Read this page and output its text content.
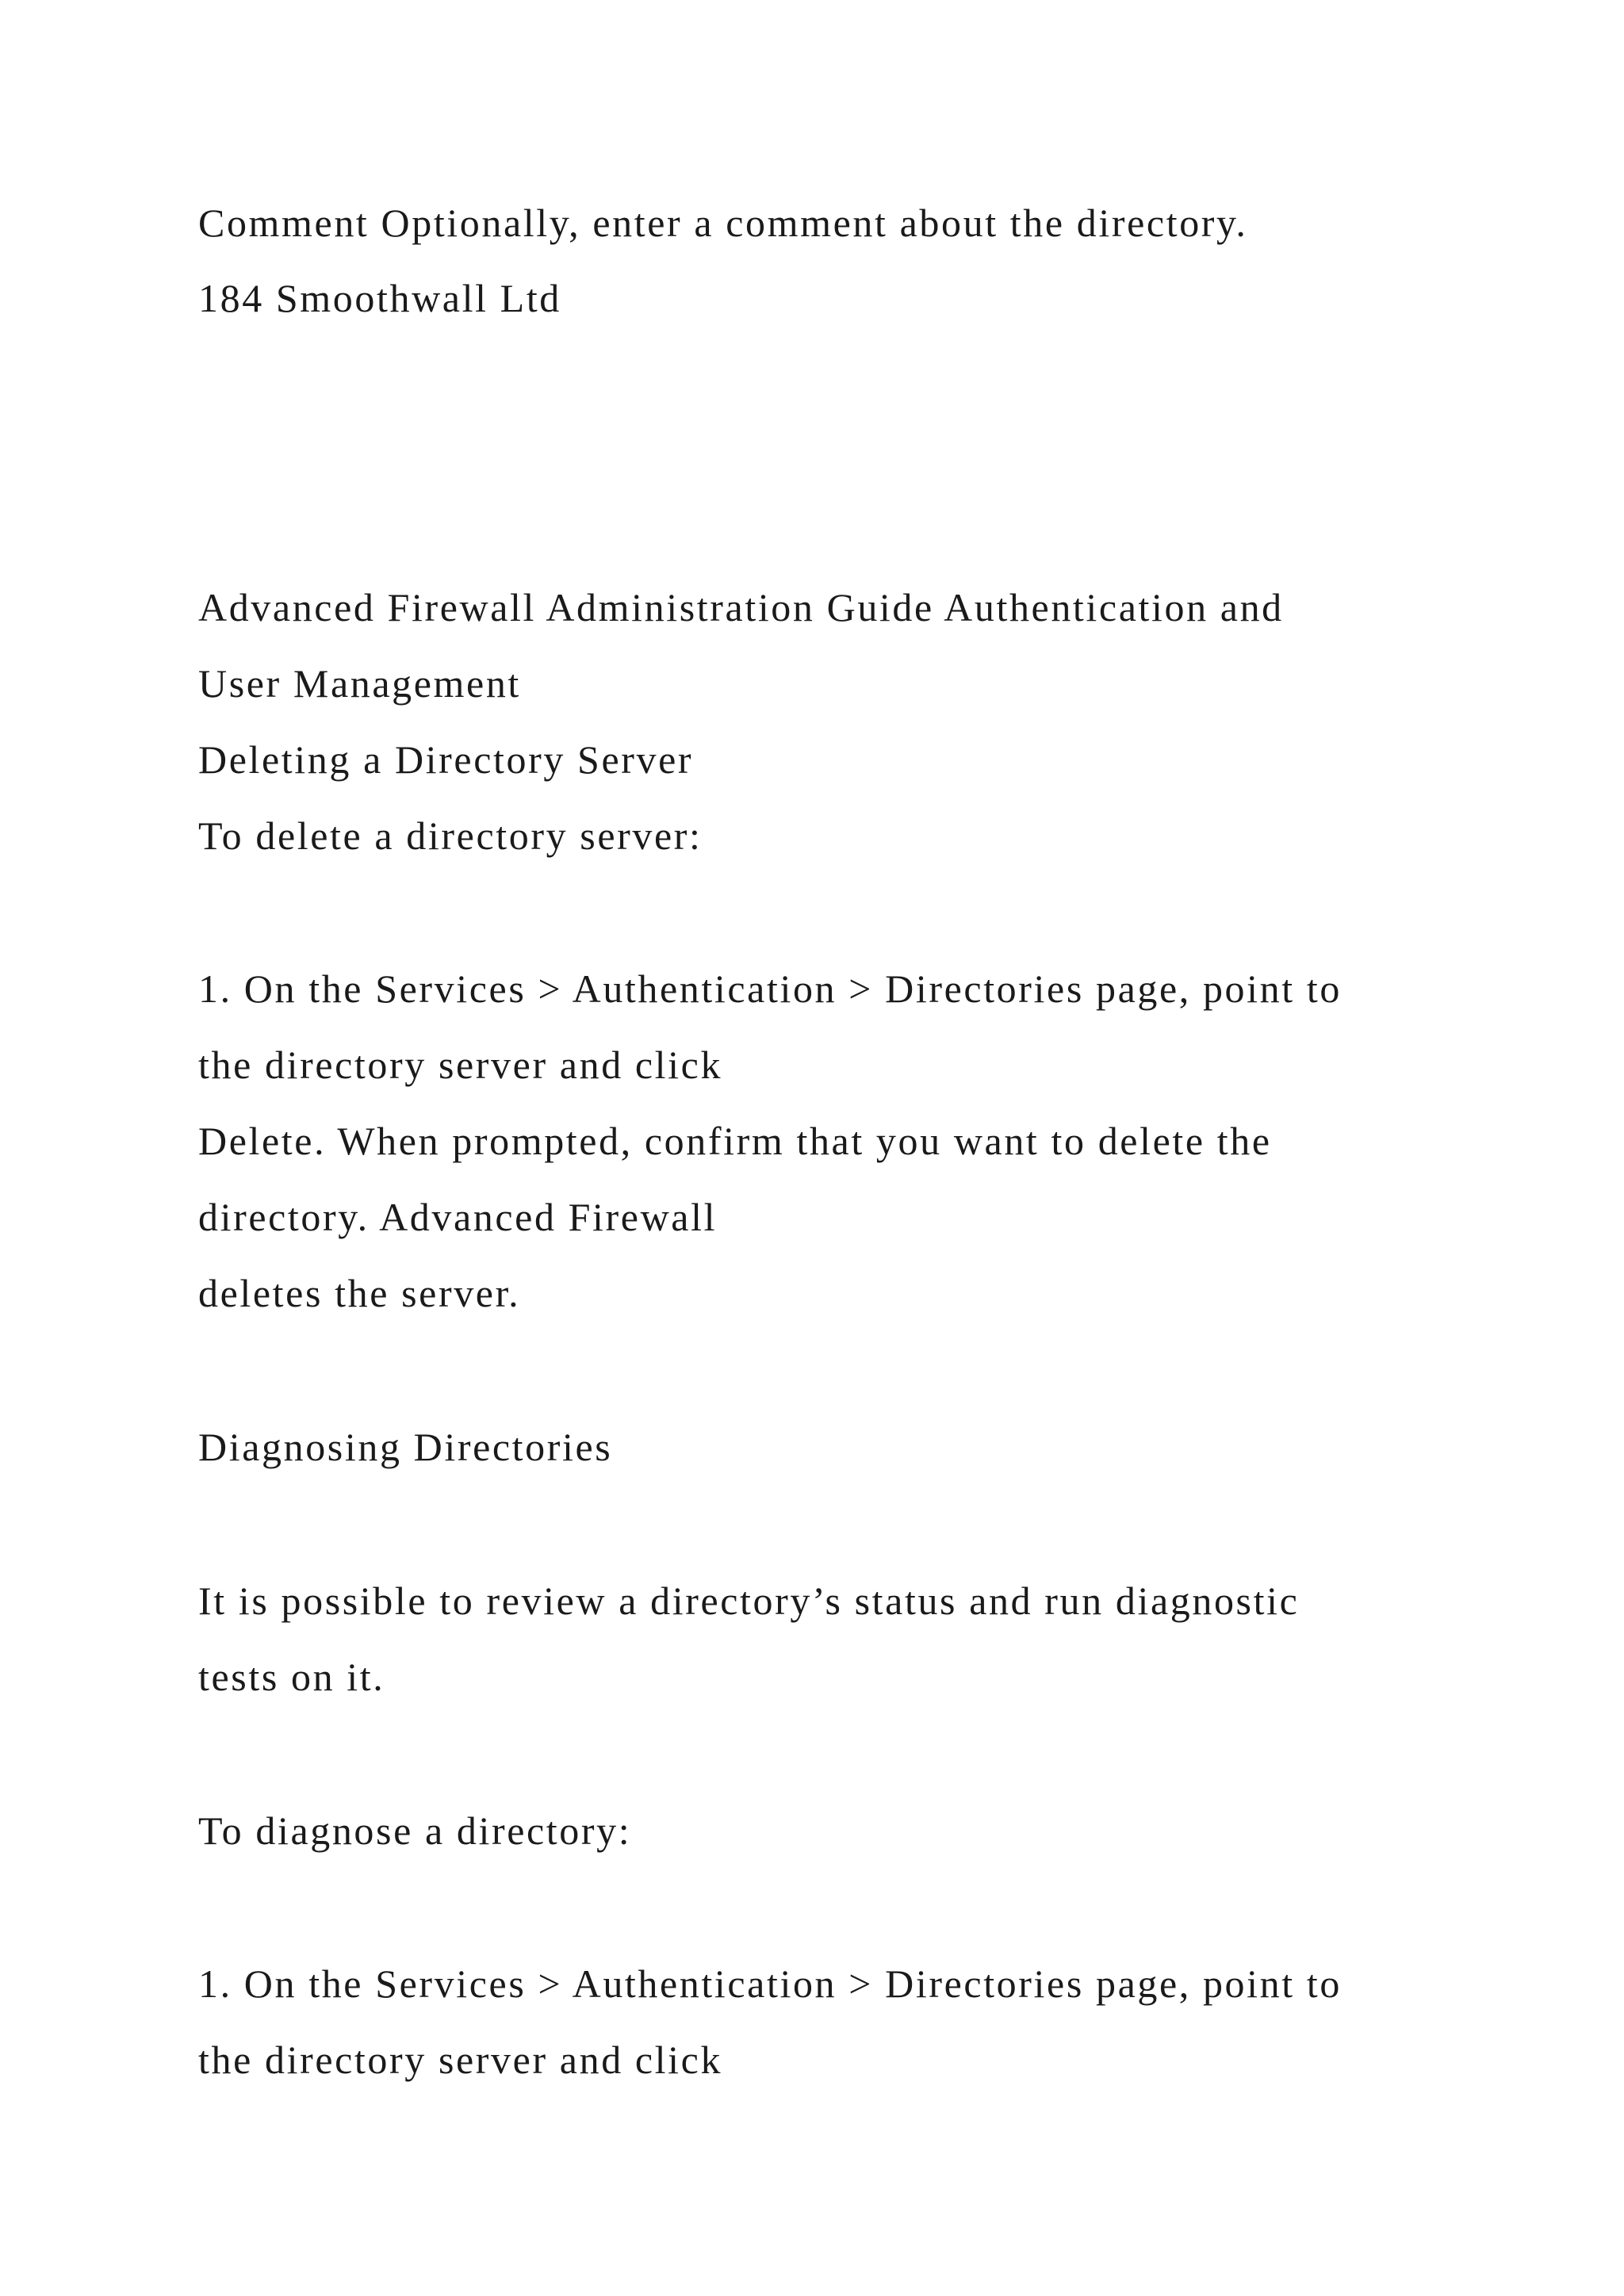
Comment Optionally, enter a comment about the directory.

184 Smoothwall Ltd

Advanced Firewall Administration Guide Authentication and

User Management

Deleting a Directory Server

To delete a directory server:

1. On the Services > Authentication > Directories page, point to

the directory server and click

Delete. When prompted, confirm that you want to delete the

directory. Advanced Firewall

deletes the server.

Diagnosing Directories

It is possible to review a directory’s status and run diagnostic

tests on it.

To diagnose a directory:

1. On the Services > Authentication > Directories page, point to

the directory server and click
